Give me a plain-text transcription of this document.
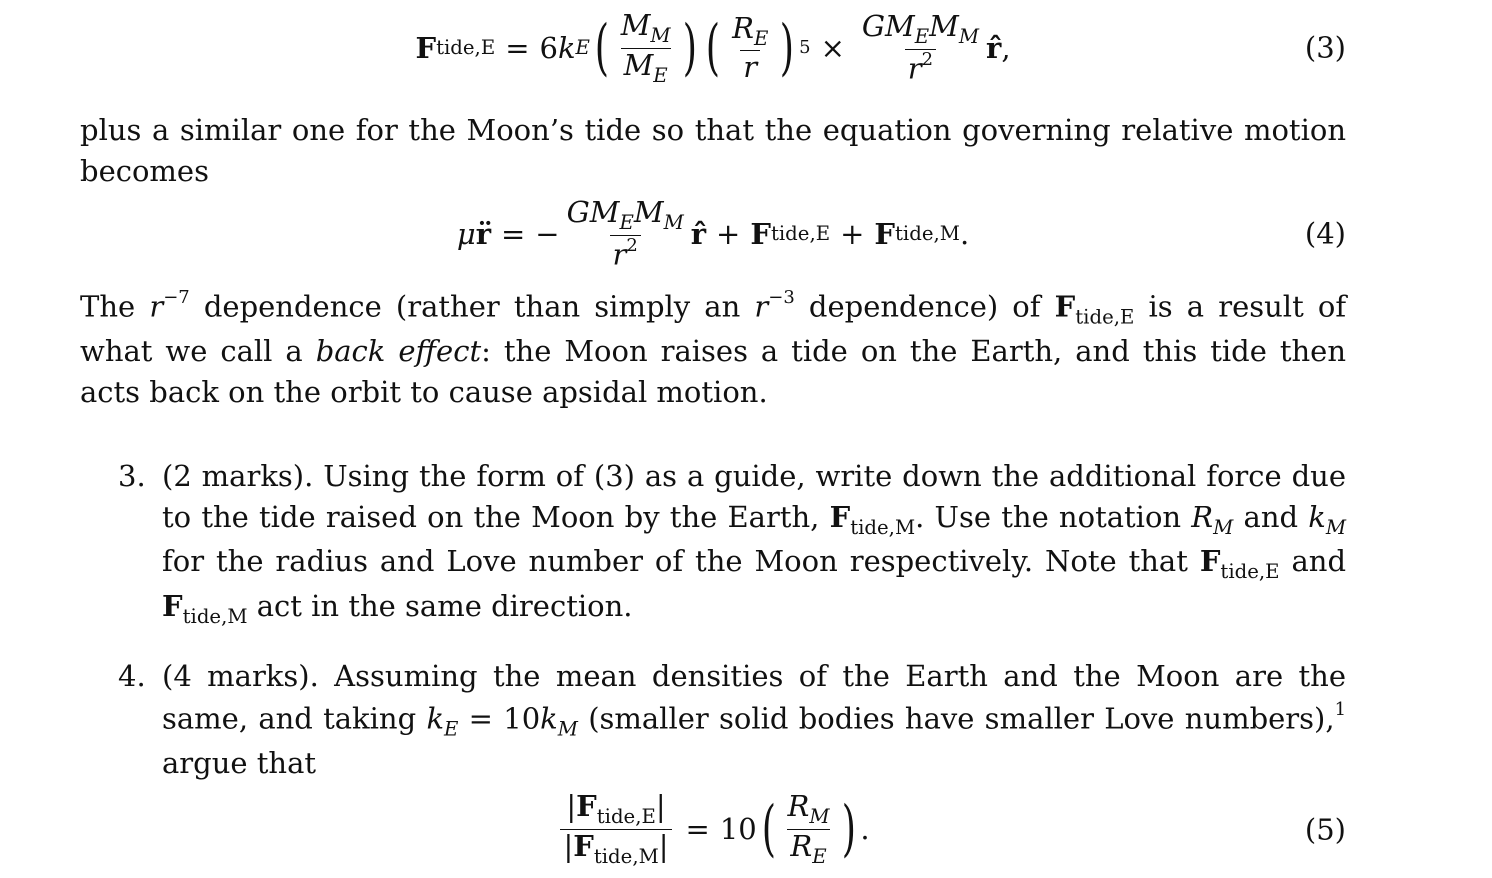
F tide,E = 6 k E ( $\frac{M_M}{M_E}$ ) ( $\frac{R_E}{r}$ ) $5 \times \frac{GM_EM_M}{r^2}$ r̂ ,	(3)

plus a similar one for the Moon’s tide so that the equation governing relative motion becomes

μ r̈ = − $\frac{GM_EM_M}{r^2}$ r̂ + F tide,E + F tide,M .	(4)

The $r^{-7}$ dependence (rather than simply an $r^{-3}$ dependence) of $F_{tide,E}$ is a result of what we call a back effect: the Moon raises a tide on the Earth, and this tide then acts back on the orbit to cause apsidal motion.

3. (2 marks). Using the form of (3) as a guide, write down the additional force due to the tide raised on the Moon by the Earth, $F_{tide,M}$. Use the notation $R_M$ and $k_M$ for the radius and Love number of the Moon respectively. Note that $F_{tide,E}$ and $F_{tide,M}$ act in the same direction.
4. (4 marks). Assuming the mean densities of the Earth and the Moon are the same, and taking $k_E = 10k_M$ (smaller solid bodies have smaller Love numbers),$^1$ argue that
$\frac{|F_{tide,E}|}{|F_{tide,M}|} = 10$ ( $\frac{R_M}{R_E}$ ) .	(5)
